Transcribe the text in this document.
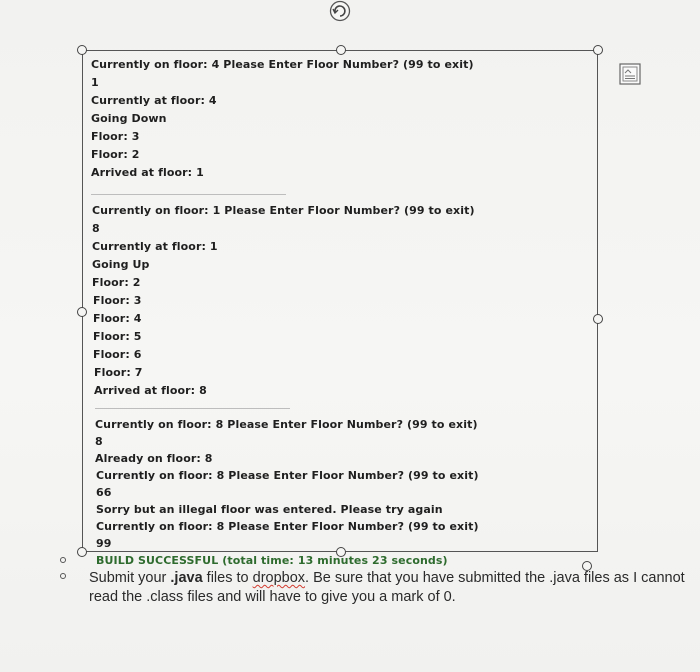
Currently on floor: 4 Please Enter Floor Number? (99 to exit)
1
Currently at floor: 4
Going Down
Floor: 3
Floor: 2
Arrived at floor: 1
Currently on floor: 1 Please Enter Floor Number? (99 to exit)
8
Currently at floor: 1
Going Up
Floor: 2
Floor: 3
Floor: 4
Floor: 5
Floor: 6
Floor: 7
Arrived at floor: 8
Currently on floor: 8 Please Enter Floor Number? (99 to exit)
8
Already on floor: 8
Currently on floor: 8 Please Enter Floor Number? (99 to exit)
66
Sorry but an illegal floor was entered. Please try again
Currently on floor: 8 Please Enter Floor Number? (99 to exit)
99
BUILD SUCCESSFUL (total time: 13 minutes 23 seconds)
Submit your .java files to dropbox. Be sure that you have submitted the .java files as I cannot read the .class files and will have to give you a mark of 0.
